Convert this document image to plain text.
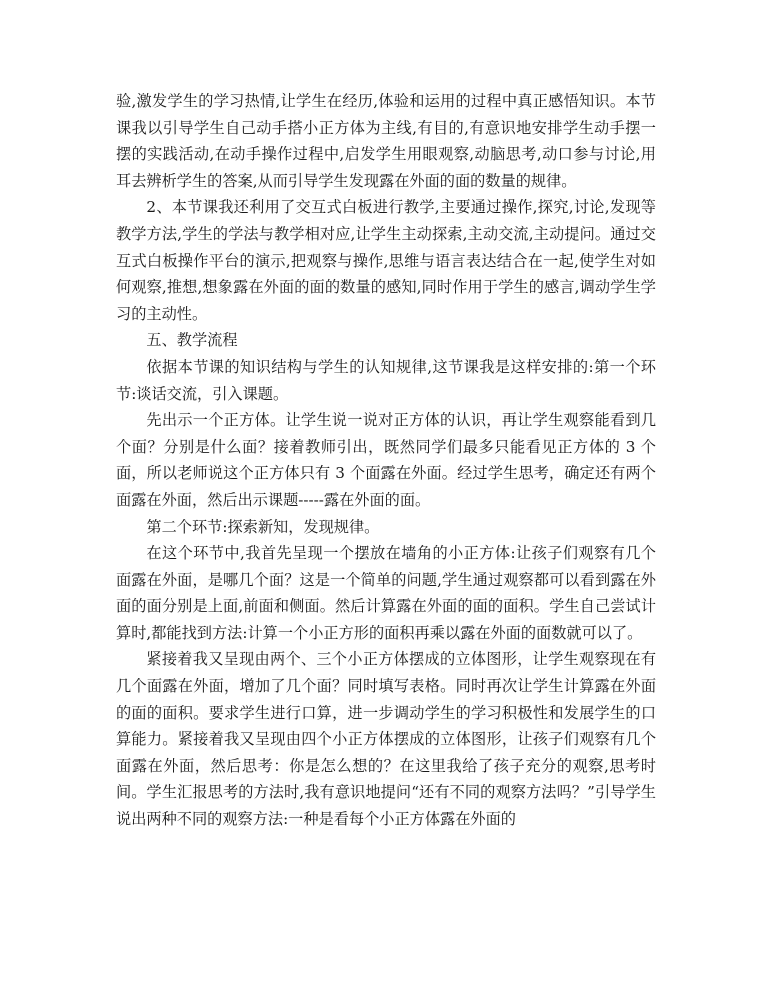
验,激发学生的学习热情,让学生在经历,体验和运用的过程中真正感悟知识。本节课我以引导学生自己动手搭小正方体为主线,有目的,有意识地安排学生动手摆一摆的实践活动,在动手操作过程中,启发学生用眼观察,动脑思考,动口参与讨论,用耳去辨析学生的答案,从而引导学生发现露在外面的面的数量的规律。

2、本节课我还利用了交互式白板进行教学,主要通过操作,探究,讨论,发现等教学方法,学生的学法与教学相对应,让学生主动探索,主动交流,主动提问。通过交互式白板操作平台的演示,把观察与操作,思维与语言表达结合在一起,使学生对如何观察,推想,想象露在外面的面的数量的感知,同时作用于学生的感言,调动学生学习的主动性。

五、教学流程

依据本节课的知识结构与学生的认知规律,这节课我是这样安排的:第一个环节:谈话交流，引入课题。

先出示一个正方体。让学生说一说对正方体的认识，再让学生观察能看到几个面？分别是什么面？接着教师引出，既然同学们最多只能看见正方体的 3 个面，所以老师说这个正方体只有 3 个面露在外面。经过学生思考，确定还有两个面露在外面，然后出示课题-----露在外面的面。

第二个环节:探索新知，发现规律。

在这个环节中,我首先呈现一个摆放在墙角的小正方体:让孩子们观察有几个面露在外面，是哪几个面？这是一个简单的问题,学生通过观察都可以看到露在外面的面分别是上面,前面和侧面。然后计算露在外面的面的面积。学生自己尝试计算时,都能找到方法:计算一个小正方形的面积再乘以露在外面的面数就可以了。

紧接着我又呈现由两个、三个小正方体摆成的立体图形，让学生观察现在有几个面露在外面，增加了几个面？同时填写表格。同时再次让学生计算露在外面的面的面积。要求学生进行口算，进一步调动学生的学习积极性和发展学生的口算能力。紧接着我又呈现由四个小正方体摆成的立体图形，让孩子们观察有几个面露在外面，然后思考：你是怎么想的？在这里我给了孩子充分的观察,思考时间。学生汇报思考的方法时,我有意识地提问“还有不同的观察方法吗？”引导学生说出两种不同的观察方法:一种是看每个小正方体露在外面的
